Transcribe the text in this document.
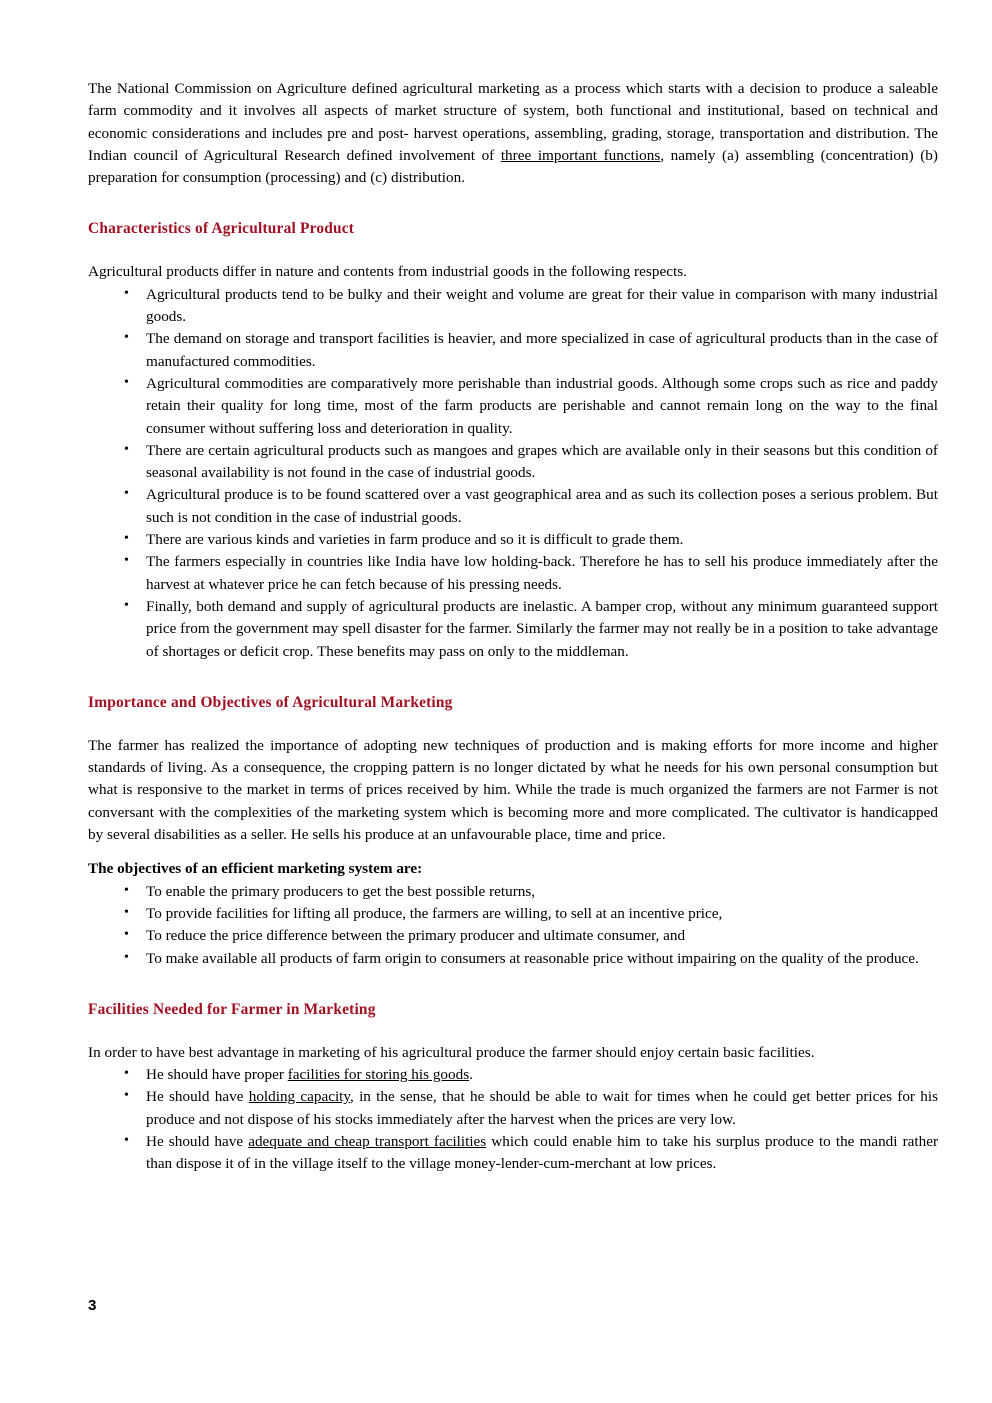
The National Commission on Agriculture defined agricultural marketing as a process which starts with a decision to produce a saleable farm commodity and it involves all aspects of market structure of system, both functional and institutional, based on technical and economic considerations and includes pre and post- harvest operations, assembling, grading, storage, transportation and distribution. The Indian council of Agricultural Research defined involvement of three important functions, namely (a) assembling (concentration) (b) preparation for consumption (processing) and (c) distribution.

Characteristics of Agricultural Product

Agricultural products differ in nature and contents from industrial goods in the following respects.

• Agricultural products tend to be bulky and their weight and volume are great for their value in comparison with many industrial goods.
• The demand on storage and transport facilities is heavier, and more specialized in case of agricultural products than in the case of manufactured commodities.
• Agricultural commodities are comparatively more perishable than industrial goods. Although some crops such as rice and paddy retain their quality for long time, most of the farm products are perishable and cannot remain long on the way to the final consumer without suffering loss and deterioration in quality.
• There are certain agricultural products such as mangoes and grapes which are available only in their seasons but this condition of seasonal availability is not found in the case of industrial goods.
• Agricultural produce is to be found scattered over a vast geographical area and as such its collection poses a serious problem. But such is not condition in the case of industrial goods.
• There are various kinds and varieties in farm produce and so it is difficult to grade them.
• The farmers especially in countries like India have low holding-back. Therefore he has to sell his produce immediately after the harvest at whatever price he can fetch because of his pressing needs.
• Finally, both demand and supply of agricultural products are inelastic. A bamper crop, without any minimum guaranteed support price from the government may spell disaster for the farmer. Similarly the farmer may not really be in a position to take advantage of shortages or deficit crop. These benefits may pass on only to the middleman.
Importance and Objectives of Agricultural Marketing

The farmer has realized the importance of adopting new techniques of production and is making efforts for more income and higher standards of living. As a consequence, the cropping pattern is no longer dictated by what he needs for his own personal consumption but what is responsive to the market in terms of prices received by him. While the trade is much organized the farmers are not Farmer is not conversant with the complexities of the marketing system which is becoming more and more complicated. The cultivator is handicapped by several disabilities as a seller. He sells his produce at an unfavourable place, time and price.

The objectives of an efficient marketing system are:

• To enable the primary producers to get the best possible returns,
• To provide facilities for lifting all produce, the farmers are willing, to sell at an incentive price,
• To reduce the price difference between the primary producer and ultimate consumer, and
• To make available all products of farm origin to consumers at reasonable price without impairing on the quality of the produce.
Facilities Needed for Farmer in Marketing

In order to have best advantage in marketing of his agricultural produce the farmer should enjoy certain basic facilities.

• He should have proper facilities for storing his goods.
• He should have holding capacity, in the sense, that he should be able to wait for times when he could get better prices for his produce and not dispose of his stocks immediately after the harvest when the prices are very low.
• He should have adequate and cheap transport facilities which could enable him to take his surplus produce to the mandi rather than dispose it of in the village itself to the village money-lender-cum-merchant at low prices.
3
